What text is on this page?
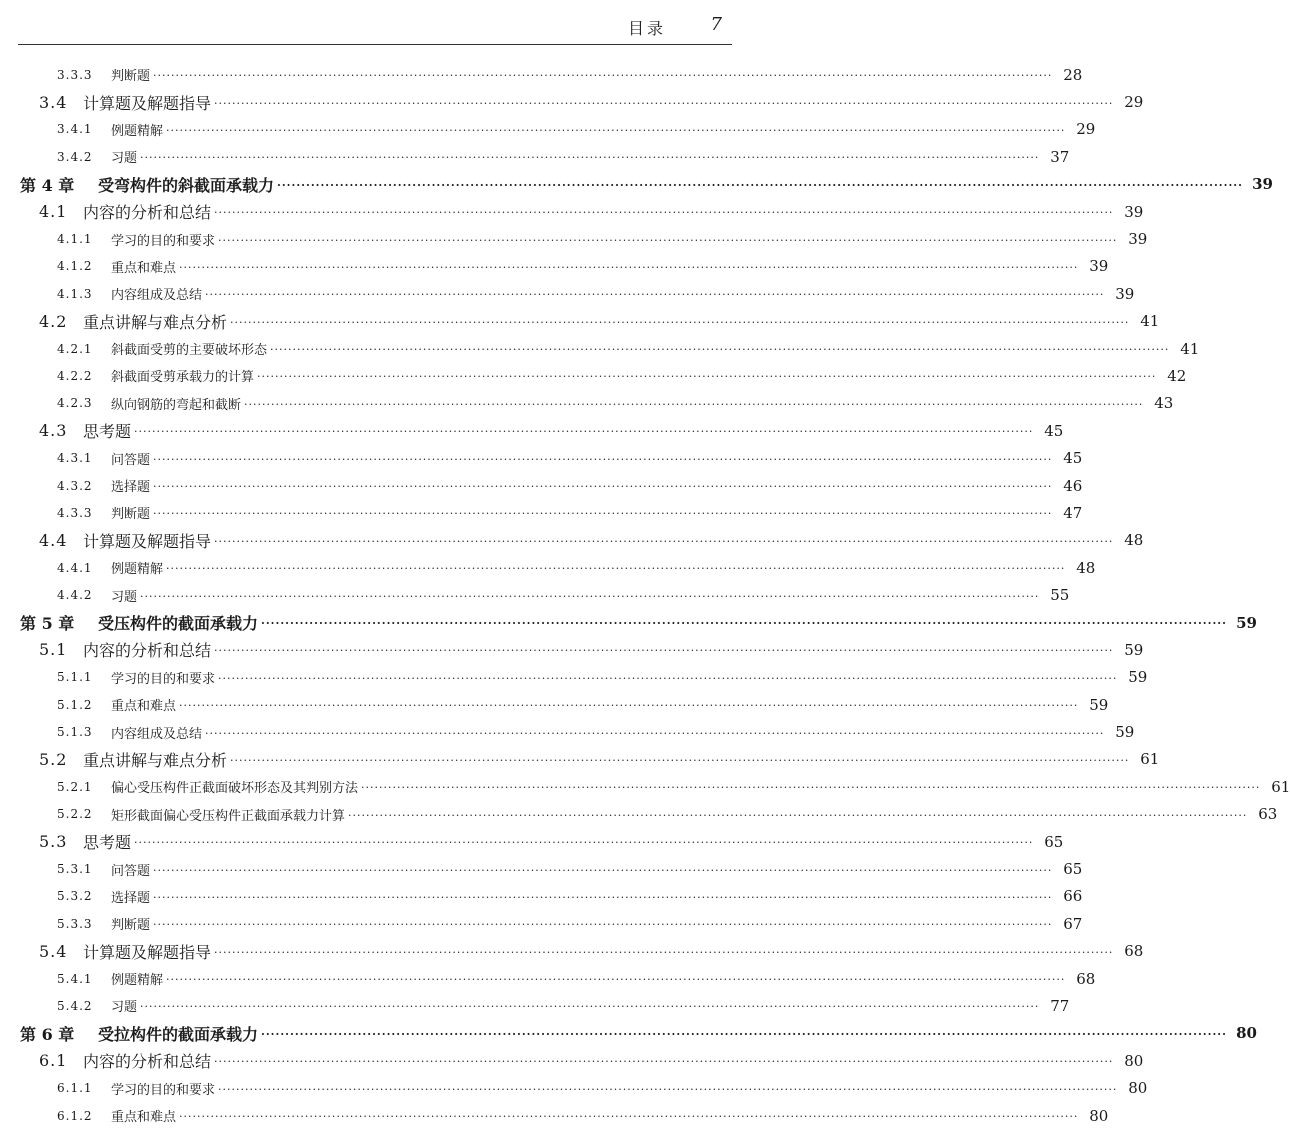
目录 7
3.3.3	判断题 ········································································································································································································ 28
3.4 计算题及解题指导 ········································································································································································································ 29
3.4.1	例题精解 ········································································································································································································ 29
3.4.2	习题 ········································································································································································································ 37
第 4 章	受弯构件的斜截面承载力 ········································································································································································································ 39
4.1 内容的分析和总结 ········································································································································································································ 39
4.1.1	学习的目的和要求 ········································································································································································································ 39
4.1.2	重点和难点 ········································································································································································································ 39
4.1.3	内容组成及总结 ········································································································································································································ 39
4.2 重点讲解与难点分析 ········································································································································································································ 41
4.2.1	斜截面受剪的主要破坏形态 ········································································································································································································ 41
4.2.2	斜截面受剪承载力的计算 ········································································································································································································ 42
4.2.3	纵向钢筋的弯起和截断 ········································································································································································································ 43
4.3 思考题 ········································································································································································································ 45
4.3.1	问答题 ········································································································································································································ 45
4.3.2	选择题 ········································································································································································································ 46
4.3.3	判断题 ········································································································································································································ 47
4.4 计算题及解题指导 ········································································································································································································ 48
4.4.1	例题精解 ········································································································································································································ 48
4.4.2	习题 ········································································································································································································ 55
第 5 章	受压构件的截面承载力 ········································································································································································································ 59
5.1 内容的分析和总结 ········································································································································································································ 59
5.1.1	学习的目的和要求 ········································································································································································································ 59
5.1.2	重点和难点 ········································································································································································································ 59
5.1.3	内容组成及总结 ········································································································································································································ 59
5.2 重点讲解与难点分析 ········································································································································································································ 61
5.2.1	偏心受压构件正截面破坏形态及其判别方法 ········································································································································································································ 61
5.2.2	矩形截面偏心受压构件正截面承载力计算 ········································································································································································································ 63
5.3 思考题 ········································································································································································································ 65
5.3.1	问答题 ········································································································································································································ 65
5.3.2	选择题 ········································································································································································································ 66
5.3.3	判断题 ········································································································································································································ 67
5.4 计算题及解题指导 ········································································································································································································ 68
5.4.1	例题精解 ········································································································································································································ 68
5.4.2	习题 ········································································································································································································ 77
第 6 章	受拉构件的截面承载力 ········································································································································································································ 80
6.1 内容的分析和总结 ········································································································································································································ 80
6.1.1	学习的目的和要求 ········································································································································································································ 80
6.1.2	重点和难点 ········································································································································································································ 80
